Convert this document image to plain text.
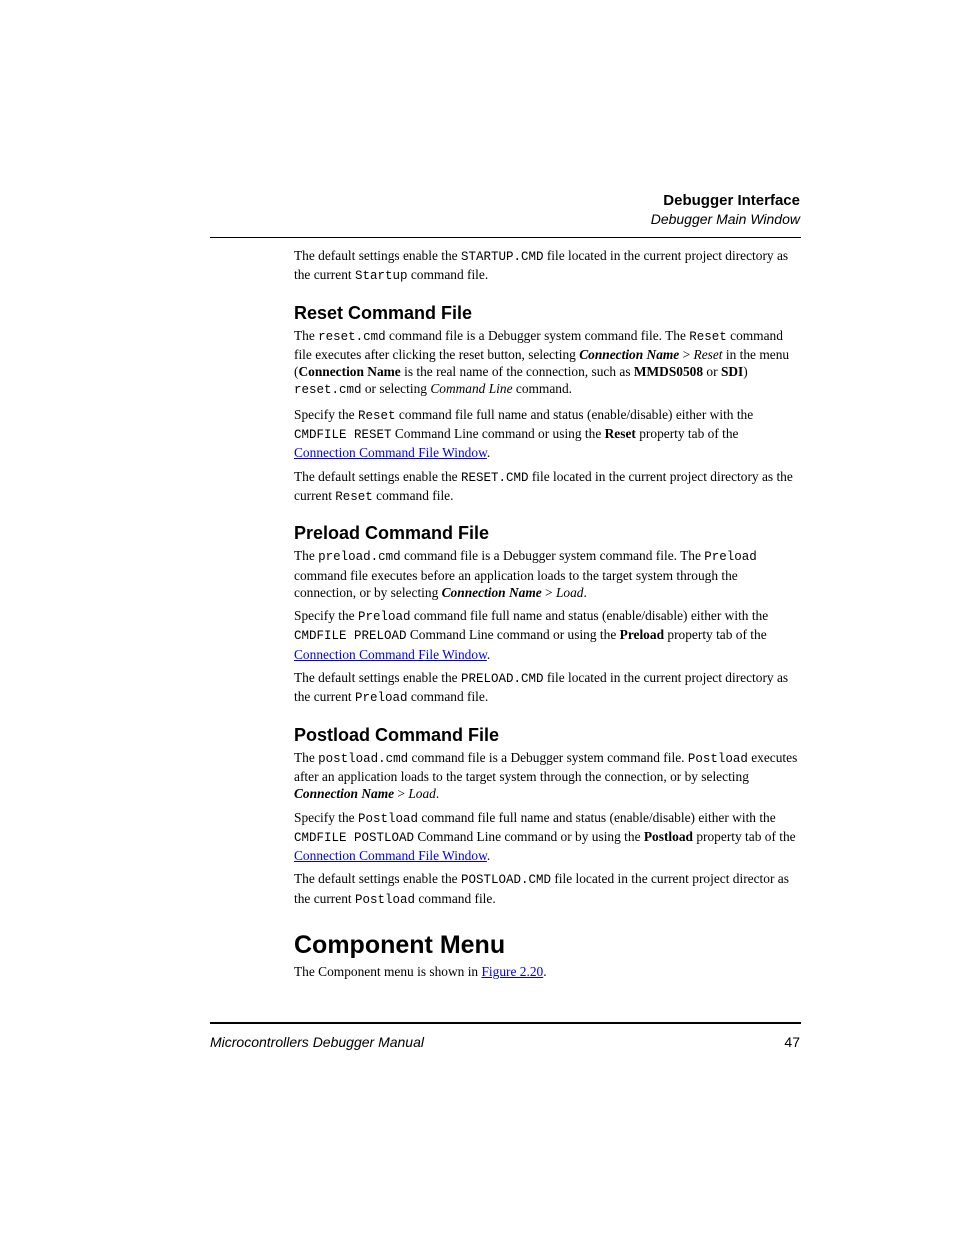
Debugger Interface
Debugger Main Window

The default settings enable the STARTUP.CMD file located in the current project directory as the current Startup command file.

Reset Command File

The reset.cmd command file is a Debugger system command file. The Reset command file executes after clicking the reset button, selecting Connection Name > Reset in the menu (Connection Name is the real name of the connection, such as MMDS0508 or SDI) reset.cmd or selecting Command Line command.

Specify the Reset command file full name and status (enable/disable) either with the CMDFILE RESET Command Line command or using the Reset property tab of the Connection Command File Window.

The default settings enable the RESET.CMD file located in the current project directory as the current Reset command file.

Preload Command File

The preload.cmd command file is a Debugger system command file. The Preload command file executes before an application loads to the target system through the connection, or by selecting Connection Name > Load.

Specify the Preload command file full name and status (enable/disable) either with the CMDFILE PRELOAD Command Line command or using the Preload property tab of the Connection Command File Window.

The default settings enable the PRELOAD.CMD file located in the current project directory as the current Preload command file.

Postload Command File

The postload.cmd command file is a Debugger system command file. Postload executes after an application loads to the target system through the connection, or by selecting Connection Name > Load.

Specify the Postload command file full name and status (enable/disable) either with the CMDFILE POSTLOAD Command Line command or by using the Postload property tab of the Connection Command File Window.

The default settings enable the POSTLOAD.CMD file located in the current project director as the current Postload command file.

Component Menu

The Component menu is shown in Figure 2.20.

Microcontrollers Debugger Manual	47
